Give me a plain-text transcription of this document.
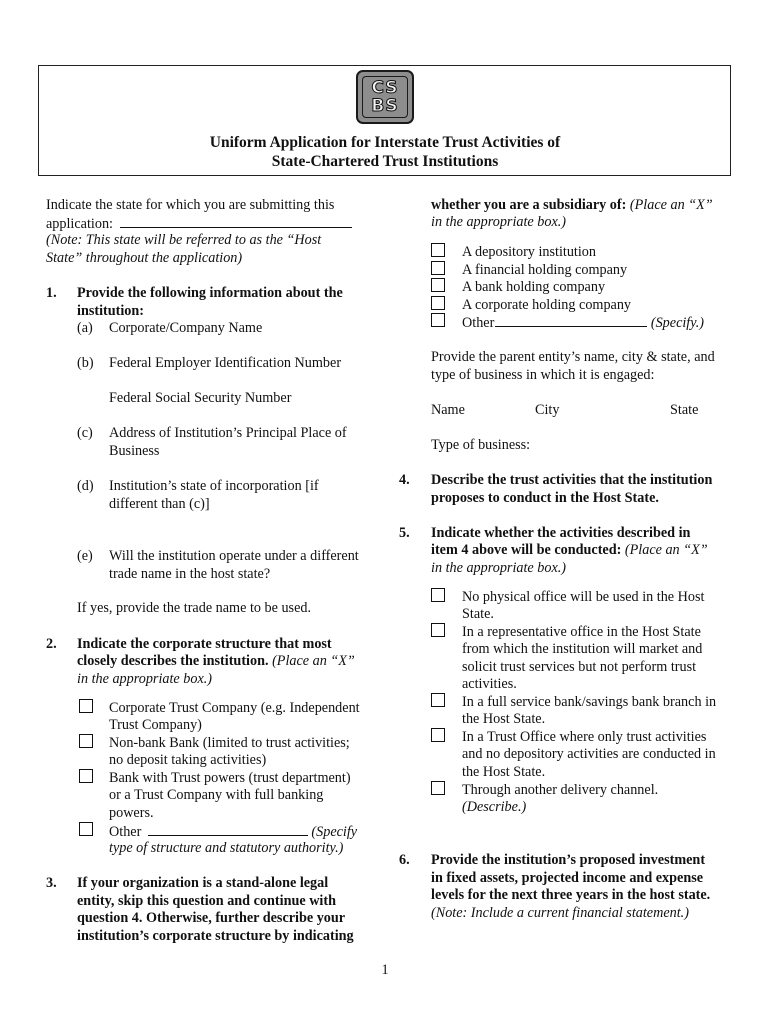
CS
BS
Uniform Application for Interstate Trust Activities of
State-Chartered Trust Institutions
Indicate the state for which you are submitting this
application:
(Note: This state will be referred to as the “Host
State” throughout the application)
1. Provide the following information about the
institution:
(a) Corporate/Company Name
(b) Federal Employer Identification Number
Federal Social Security Number
(c) Address of Institution’s Principal Place of
Business
(d) Institution’s state of incorporation [if
different than (c)]
(e) Will the institution operate under a different
trade name in the host state?
If yes, provide the trade name to be used.
2. Indicate the corporate structure that most
closely describes the institution. (Place an “X”
in the appropriate box.)
Corporate Trust Company (e.g. Independent
Trust Company)
Non-bank Bank (limited to trust activities;
no deposit taking activities)
Bank with Trust powers (trust department)
or a Trust Company with full banking
powers.
Other	(Specify
type of structure and statutory authority.)
3. If your organization is a stand-alone legal
entity, skip this question and continue with
question 4. Otherwise, further describe your
institution’s corporate structure by indicating
whether you are a subsidiary of: (Place an “X”
in the appropriate box.)
A depository institution
A financial holding company
A bank holding company
A corporate holding company
Other	(Specify.)
Provide the parent entity’s name, city & state, and
type of business in which it is engaged:
Name	City	State
Type of business:
4. Describe the trust activities that the institution
proposes to conduct in the Host State.
5. Indicate whether the activities described in
item 4 above will be conducted: (Place an “X”
in the appropriate box.)
No physical office will be used in the Host
State.
In a representative office in the Host State
from which the institution will market and
solicit trust services but not perform trust
activities.
In a full service bank/savings bank branch in
the Host State.
In a Trust Office where only trust activities
and no depository activities are conducted in
the Host State.
Through another delivery channel.
(Describe.)
6. Provide the institution’s proposed investment
in fixed assets, projected income and expense
levels for the next three years in the host state.
(Note: Include a current financial statement.)
1
